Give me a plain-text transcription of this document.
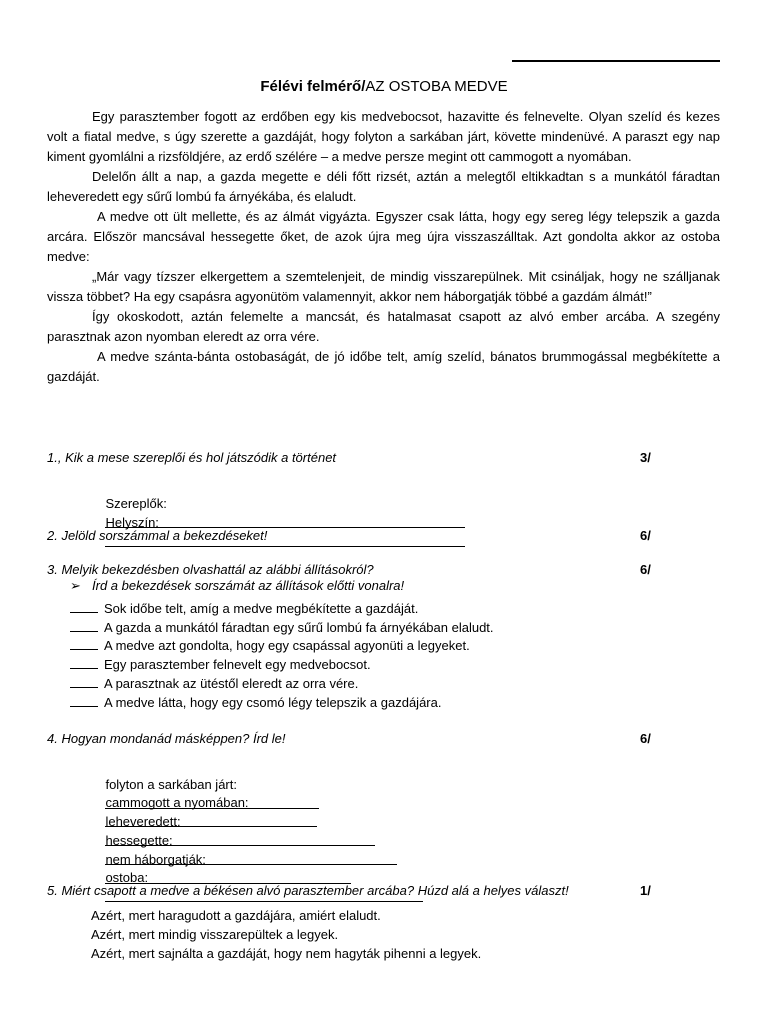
Félévi felmérő/AZ OSTOBA MEDVE

Egy parasztember fogott az erdőben egy kis medvebocsot, hazavitte és felnevelte. Olyan szelíd és kezes volt a fiatal medve, s úgy szerette a gazdáját, hogy folyton a sarkában járt, követte mindenüvé. A paraszt egy nap kiment gyomlálni a rizsföldjére, az erdő szélére – a medve persze megint ott cammogott a nyomában.

Delelőn állt a nap, a gazda megette e déli főtt rizsét, aztán a melegtől eltikkadtan s a munkától fáradtan leheveredett egy sűrű lombú fa árnyékába, és elaludt.

A medve ott ült mellette, és az álmát vigyázta. Egyszer csak látta, hogy egy sereg légy telepszik a gazda arcára. Először mancsával hessegette őket, de azok újra meg újra visszaszálltak. Azt gondolta akkor az ostoba medve:

„Már vagy tízszer elkergettem a szemtelenjeit, de mindig visszarepülnek. Mit csináljak, hogy ne szálljanak vissza többet? Ha egy csapásra agyonütöm valamennyit, akkor nem háborgatják többé a gazdám álmát!”

Így okoskodott, aztán felemelte a mancsát, és hatalmasat csapott az alvó ember arcába. A szegény parasztnak azon nyomban eleredt az orra vére.

A medve szánta-bánta ostobaságát, de jó időbe telt, amíg szelíd, bánatos brummogással megbékítette a gazdáját.

1., Kik a mese szereplői és hol játszódik a történet	3/

Szereplők:

Helyszín:

2. Jelöld sorszámmal a bekezdéseket!	6/
3. Melyik bekezdésben olvashattál az alábbi állításokról?	6/
➢ Írd a bekezdések sorszámát az állítások előtti vonalra!
Sok időbe telt, amíg a medve megbékítette a gazdáját.
A gazda a munkától fáradtan egy sűrű lombú fa árnyékában elaludt.
A medve azt gondolta, hogy egy csapással agyonüti a legyeket.
Egy parasztember felnevelt egy medvebocsot.
A parasztnak az ütéstől eleredt az orra vére.
A medve látta, hogy egy csomó légy telepszik a gazdájára.
4. Hogyan mondanád másképpen? Írd le!	6/

folyton a sarkában járt:

cammogott a nyomában:

leheveredett:

hessegette:

nem háborgatják:

ostoba:

5. Miért csapott a medve a békésen alvó parasztember arcába? Húzd alá a helyes választ!	1/
Azért, mert haragudott a gazdájára, amiért elaludt.
Azért, mert mindig visszarepültek a legyek.
Azért, mert sajnálta a gazdáját, hogy nem hagyták pihenni a legyek.
